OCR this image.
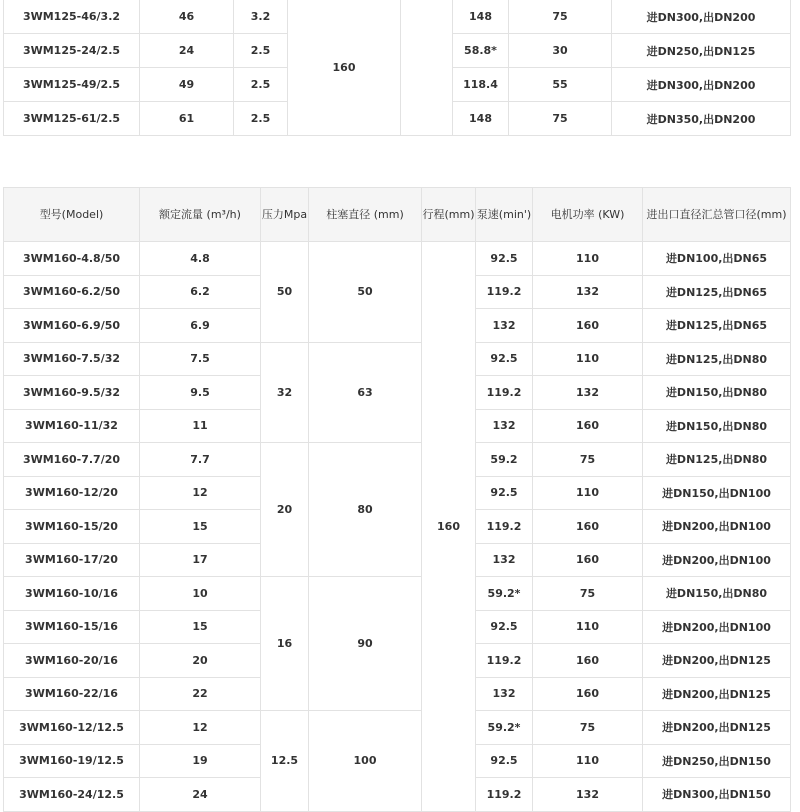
3WM125-46/3.2	46	3.2	160		148	75	进DN300,出DN200
3WM125-24/2.5	24	2.5			58.8*	30	进DN250,出DN125
3WM125-49/2.5	49	2.5			118.4	55	进DN300,出DN200
3WM125-61/2.5	61	2.5			148	75	进DN350,出DN200
型号(Model)	额定流量 (m³/h)	压力Mpa	柱塞直径 (mm)	行程(mm)	泵速(min')	电机功率 (KW)	进出口直径汇总管口径(mm)
3WM160-4.8/50	4.8	50	50	160	92.5	110	进DN100,出DN65
3WM160-6.2/50	6.2				119.2	132	进DN125,出DN65
3WM160-6.9/50	6.9				132	160	进DN125,出DN65
3WM160-7.5/32	7.5	32	63		92.5	110	进DN125,出DN80
3WM160-9.5/32	9.5				119.2	132	进DN150,出DN80
3WM160-11/32	11				132	160	进DN150,出DN80
3WM160-7.7/20	7.7	20	80		59.2	75	进DN125,出DN80
3WM160-12/20	12				92.5	110	进DN150,出DN100
3WM160-15/20	15				119.2	160	进DN200,出DN100
3WM160-17/20	17				132	160	进DN200,出DN100
3WM160-10/16	10	16	90		59.2*	75	进DN150,出DN80
3WM160-15/16	15				92.5	110	进DN200,出DN100
3WM160-20/16	20				119.2	160	进DN200,出DN125
3WM160-22/16	22				132	160	进DN200,出DN125
3WM160-12/12.5	12	12.5	100		59.2*	75	进DN200,出DN125
3WM160-19/12.5	19				92.5	110	进DN250,出DN150
3WM160-24/12.5	24				119.2	132	进DN300,出DN150
